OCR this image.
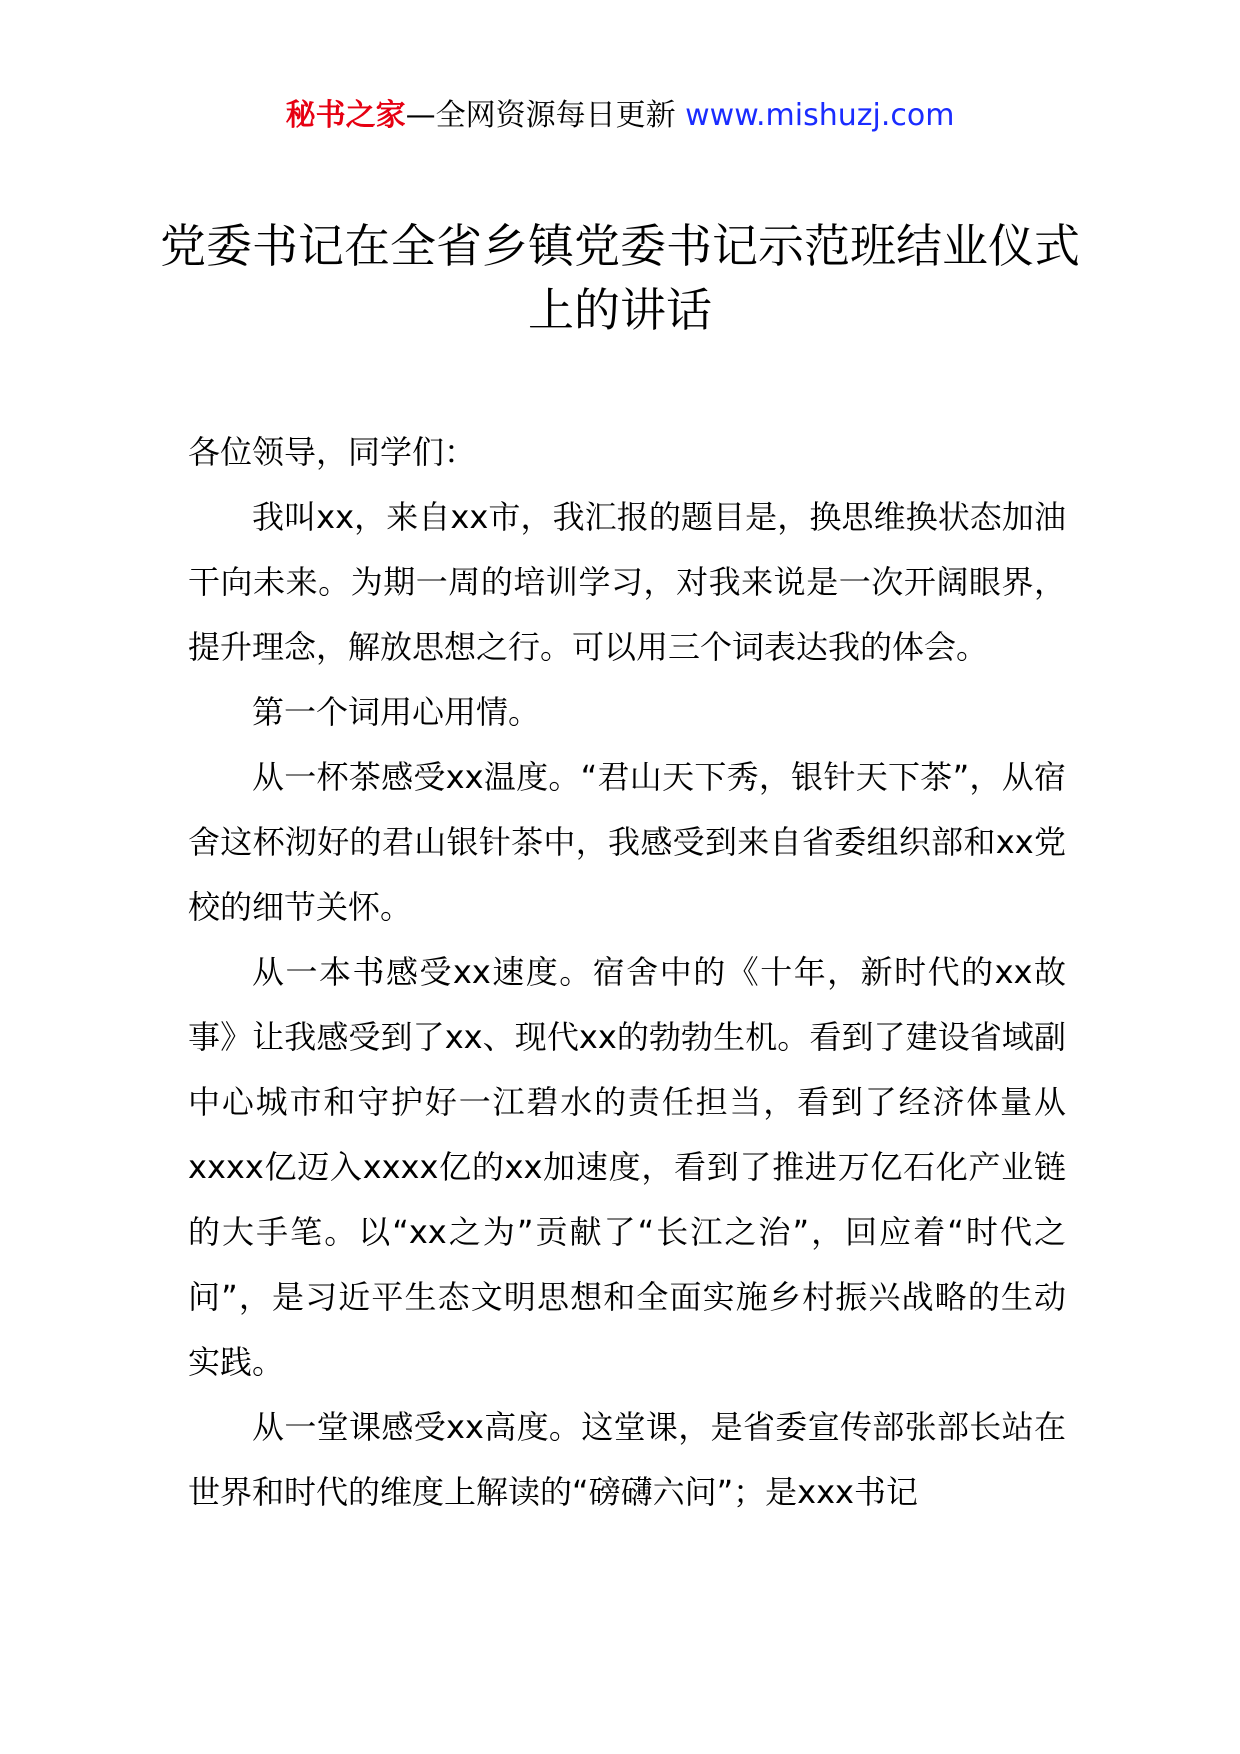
秘书之家—全网资源每日更新 www.mishuzj.com
党委书记在全省乡镇党委书记示范班结业仪式上的讲话

各位领导，同学们：

我叫xx，来自xx市，我汇报的题目是，换思维换状态加油干向未来。为期一周的培训学习，对我来说是一次开阔眼界，提升理念，解放思想之行。可以用三个词表达我的体会。

第一个词用心用情。

从一杯茶感受xx温度。“君山天下秀，银针天下茶”，从宿舍这杯沏好的君山银针茶中，我感受到来自省委组织部和xx党校的细节关怀。

从一本书感受xx速度。宿舍中的《十年，新时代的xx故事》让我感受到了xx、现代xx的勃勃生机。看到了建设省域副中心城市和守护好一江碧水的责任担当，看到了经济体量从xxxx亿迈入xxxx亿的xx加速度，看到了推进万亿石化产业链的大手笔。以“xx之为”贡献了“长江之治”，回应着“时代之问”，是习近平生态文明思想和全面实施乡村振兴战略的生动实践。

从一堂课感受xx高度。这堂课，是省委宣传部张部长站在世界和时代的维度上解读的“磅礴六问”；是xxx书记
